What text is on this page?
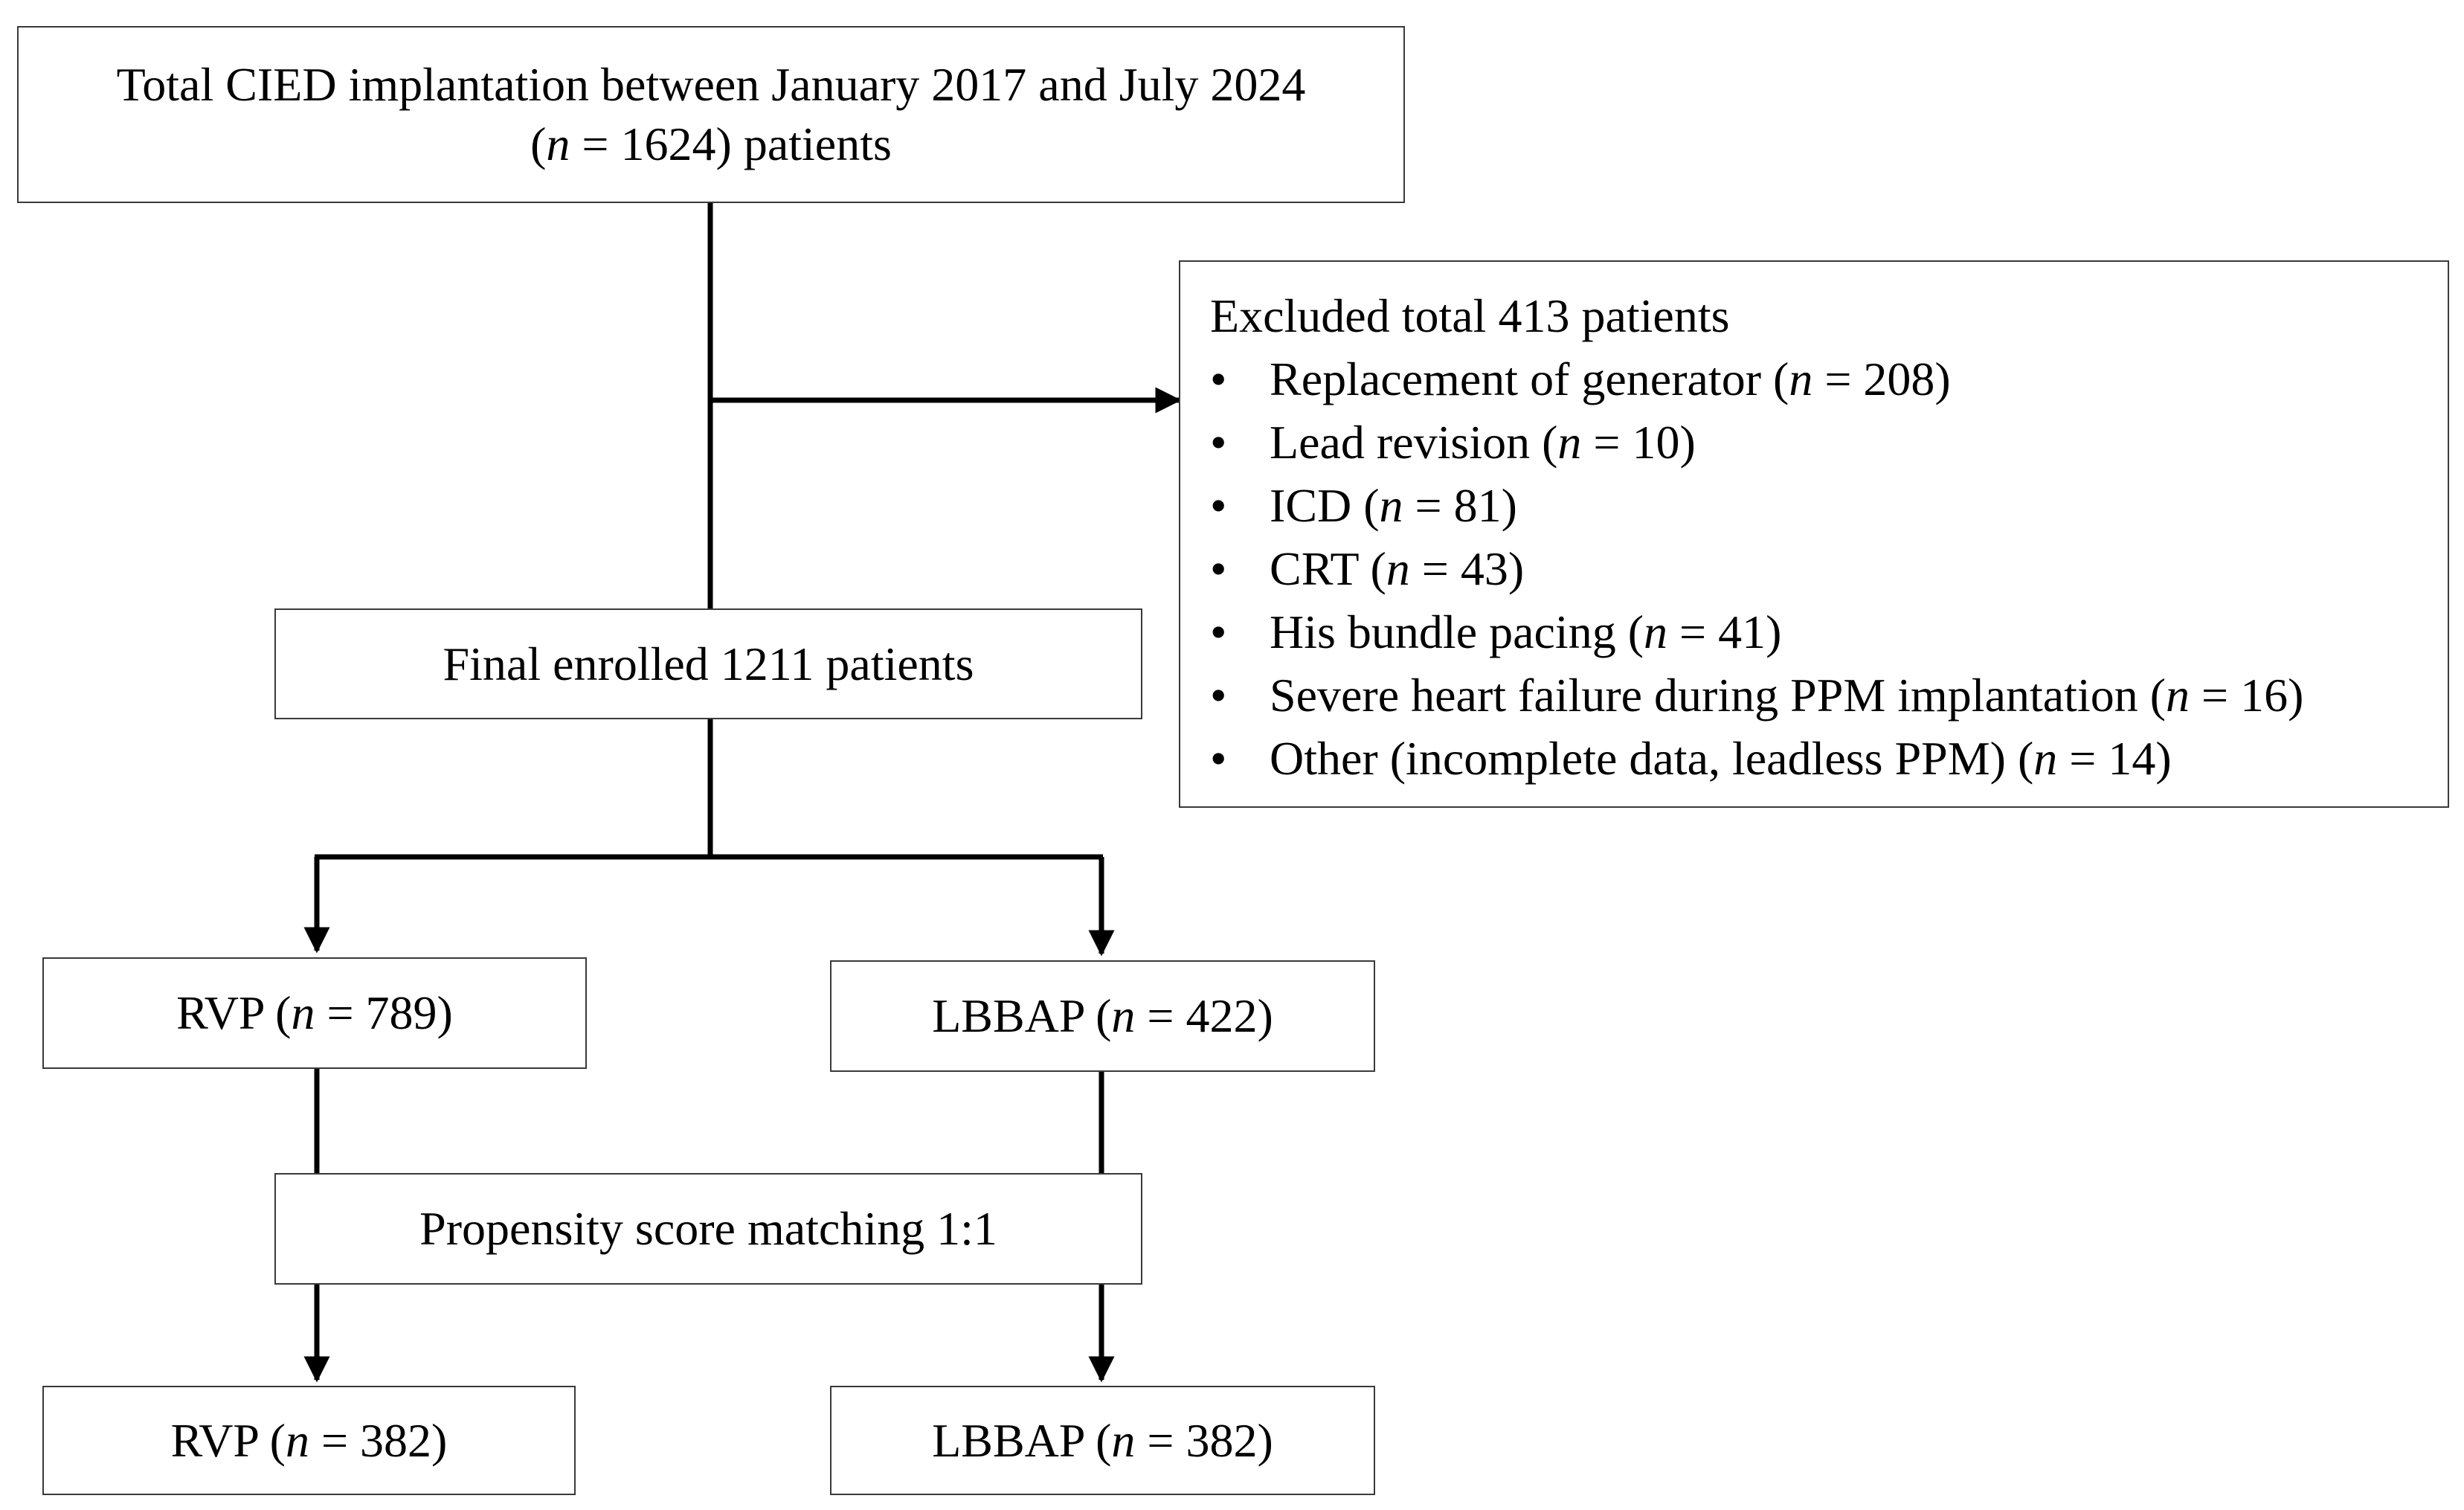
Total CIED implantation between January 2017 and July 2024
(n = 1624) patients
Excluded total 413 patients
• Replacement of generator (n = 208)
• Lead revision (n = 10)
• ICD (n = 81)
• CRT (n = 43)
• His bundle pacing (n = 41)
• Severe heart failure during PPM implantation (n = 16)
• Other (incomplete data, leadless PPM) (n = 14)
Final enrolled 1211 patients
RVP (n = 789)	LBBAP (n = 422)
Propensity score matching 1:1
RVP (n = 382)	LBBAP (n = 382)
